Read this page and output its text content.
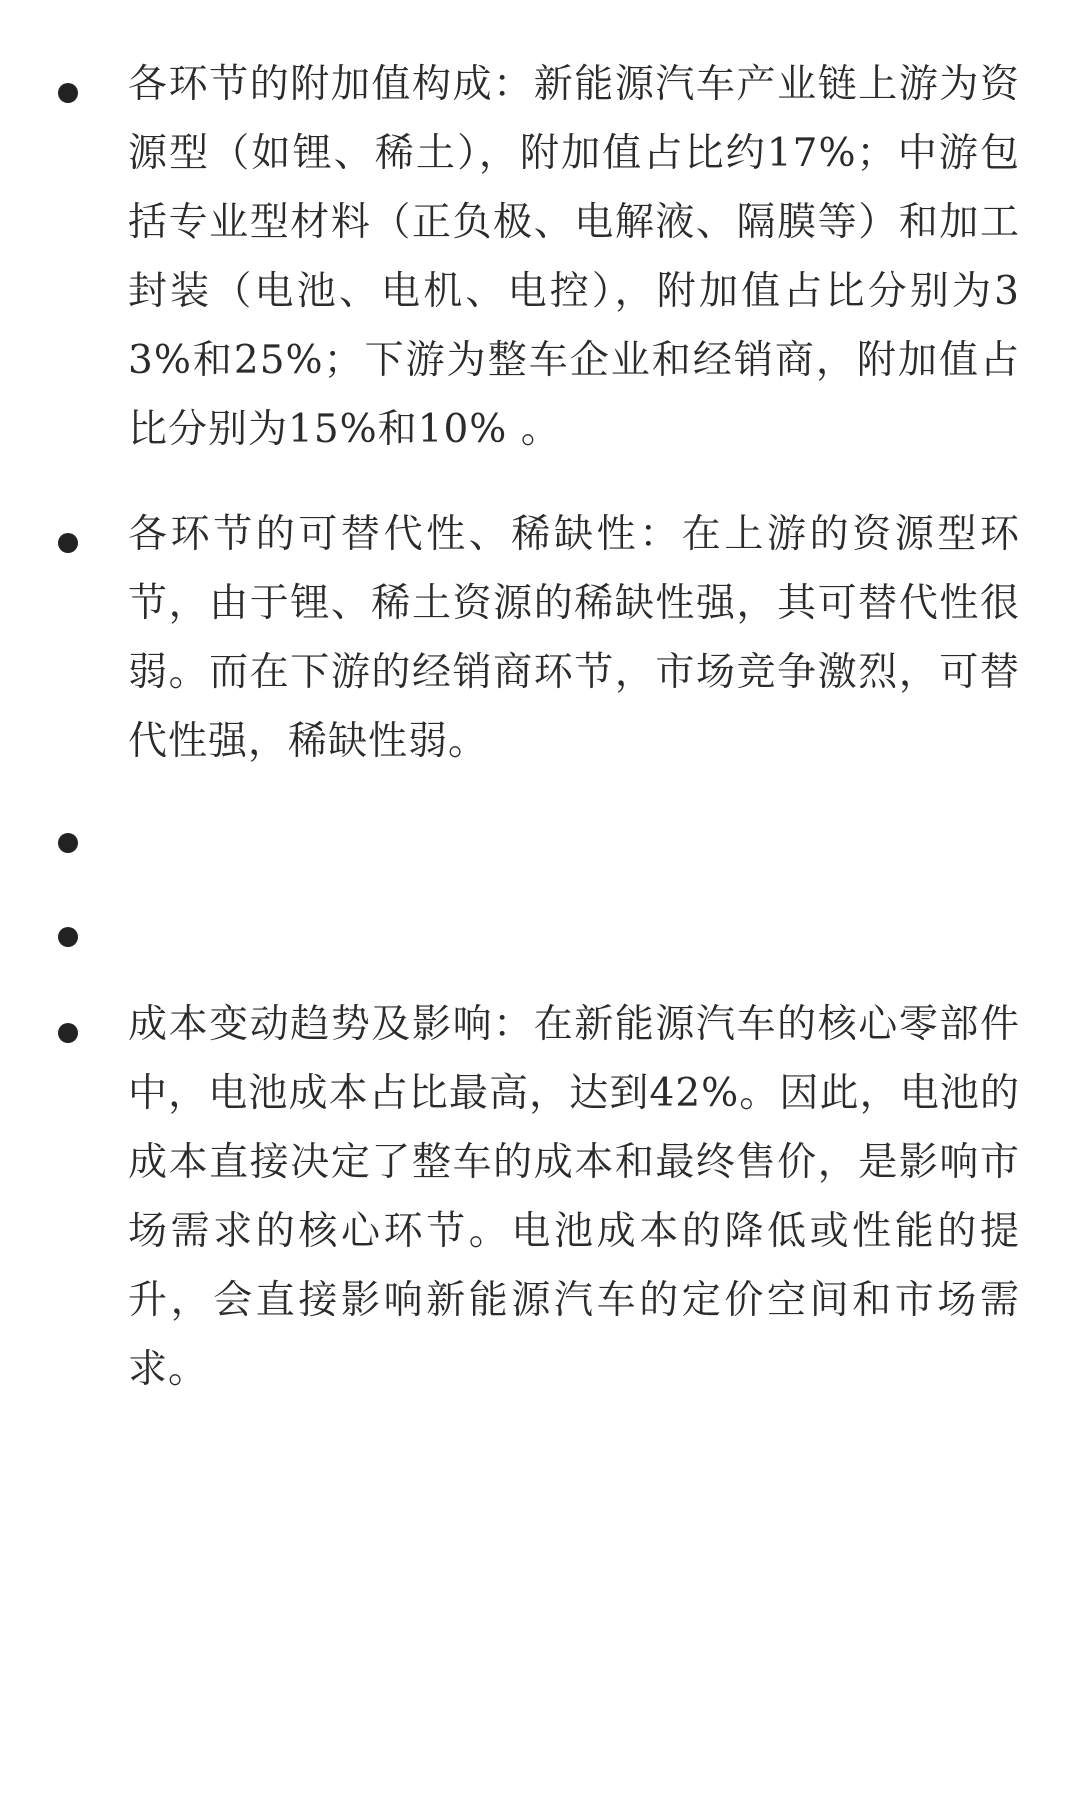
各环节的附加值构成：新能源汽车产业链上游为资源型（如锂、稀土），附加值占比约17%；中游包括专业型材料（正负极、电解液、隔膜等）和加工封装（电池、电机、电控），附加值占比分别为33%和25%；下游为整车企业和经销商，附加值占比分别为15%和10% 。
各环节的可替代性、稀缺性：在上游的资源型环节，由于锂、稀土资源的稀缺性强，其可替代性很弱。而在下游的经销商环节，市场竞争激烈，可替代性强，稀缺性弱。
成本变动趋势及影响：在新能源汽车的核心零部件中，电池成本占比最高，达到42%。因此，电池的成本直接决定了整车的成本和最终售价，是影响市场需求的核心环节。电池成本的降低或性能的提升，会直接影响新能源汽车的定价空间和市场需求。
